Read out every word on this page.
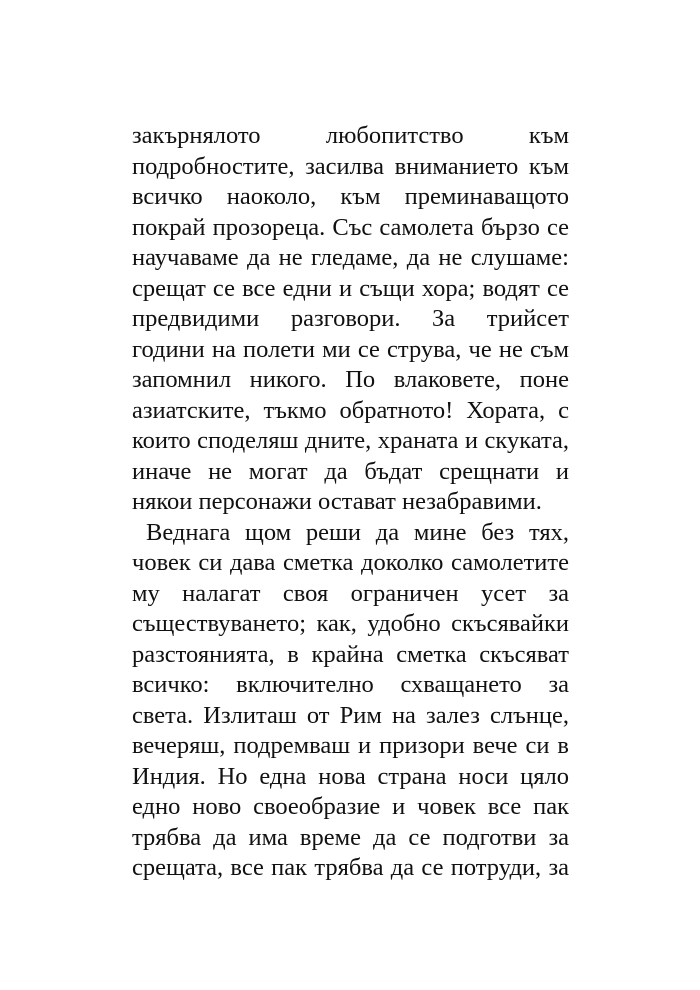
закърнялото любопитство към
подробностите, засилва вниманието към
всичко наоколо, към преминаващото
покрай прозореца. Със самолета бързо се
научаваме да не гледаме, да не слушаме:
срещат се все едни и същи хора; водят се
предвидими разговори. За трийсет
години на полети ми се струва, че не съм
запомнил никого. По влаковете, поне
азиатските, тъкмо обратното! Хората, с
които споделяш дните, храната и скуката,
иначе не могат да бъдат срещнати и
някои персонажи остават незабравими.
Веднага щом реши да мине без тях,
човек си дава сметка доколко самолетите
му налагат своя ограничен усет за
съществуването; как, удобно скъсявайки
разстоянията, в крайна сметка скъсяват
всичко: включително схващането за
света. Излиташ от Рим на залез слънце,
вечеряш, подремваш и призори вече си в
Индия. Но една нова страна носи цяло
едно ново своеобразие и човек все пак
трябва да има време да се подготви за
срещата, все пак трябва да се потруди, за
